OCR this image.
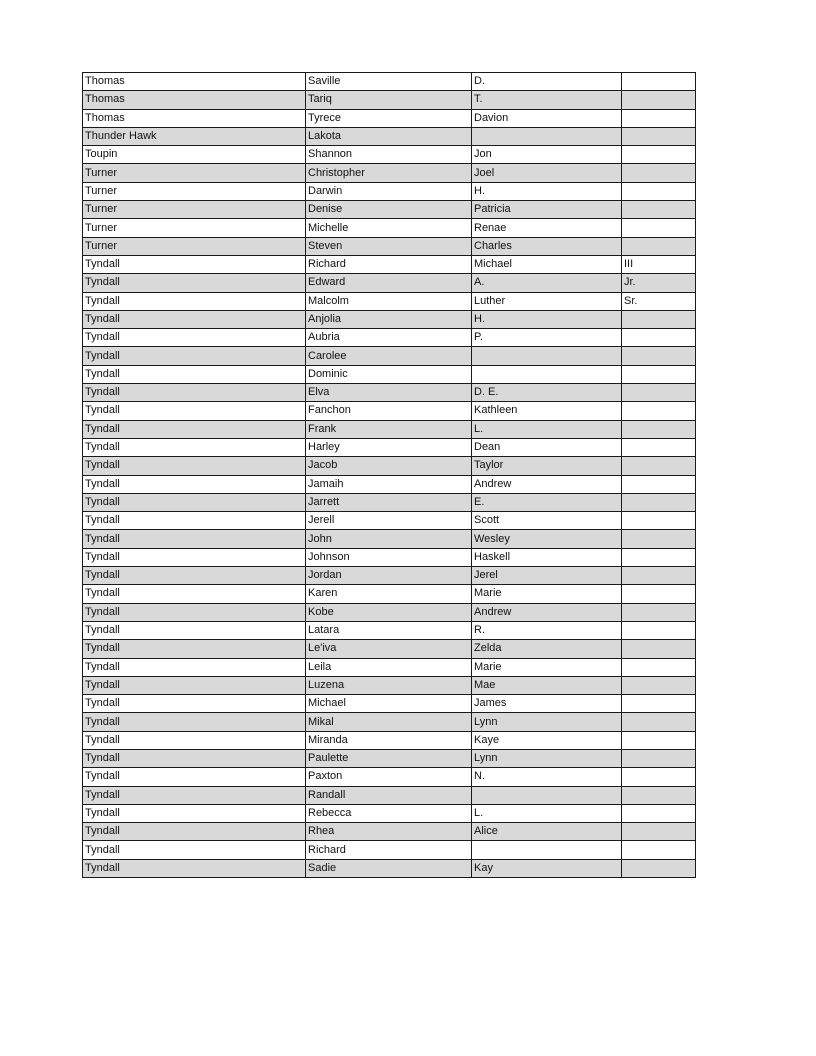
Thomas	Saville	D.	
Thomas	Tariq	T.	
Thomas	Tyrece	Davion	
Thunder Hawk	Lakota		
Toupin	Shannon	Jon	
Turner	Christopher	Joel	
Turner	Darwin	H.	
Turner	Denise	Patricia	
Turner	Michelle	Renae	
Turner	Steven	Charles	
Tyndall	Richard	Michael	III
Tyndall	Edward	A.	Jr.
Tyndall	Malcolm	Luther	Sr.
Tyndall	Anjolia	H.	
Tyndall	Aubria	P.	
Tyndall	Carolee		
Tyndall	Dominic		
Tyndall	Elva	D. E.	
Tyndall	Fanchon	Kathleen	
Tyndall	Frank	L.	
Tyndall	Harley	Dean	
Tyndall	Jacob	Taylor	
Tyndall	Jamaih	Andrew	
Tyndall	Jarrett	E.	
Tyndall	Jerell	Scott	
Tyndall	John	Wesley	
Tyndall	Johnson	Haskell	
Tyndall	Jordan	Jerel	
Tyndall	Karen	Marie	
Tyndall	Kobe	Andrew	
Tyndall	Latara	R.	
Tyndall	Le'iva	Zelda	
Tyndall	Leila	Marie	
Tyndall	Luzena	Mae	
Tyndall	Michael	James	
Tyndall	Mikal	Lynn	
Tyndall	Miranda	Kaye	
Tyndall	Paulette	Lynn	
Tyndall	Paxton	N.	
Tyndall	Randall		
Tyndall	Rebecca	L.	
Tyndall	Rhea	Alice	
Tyndall	Richard		
Tyndall	Sadie	Kay	
